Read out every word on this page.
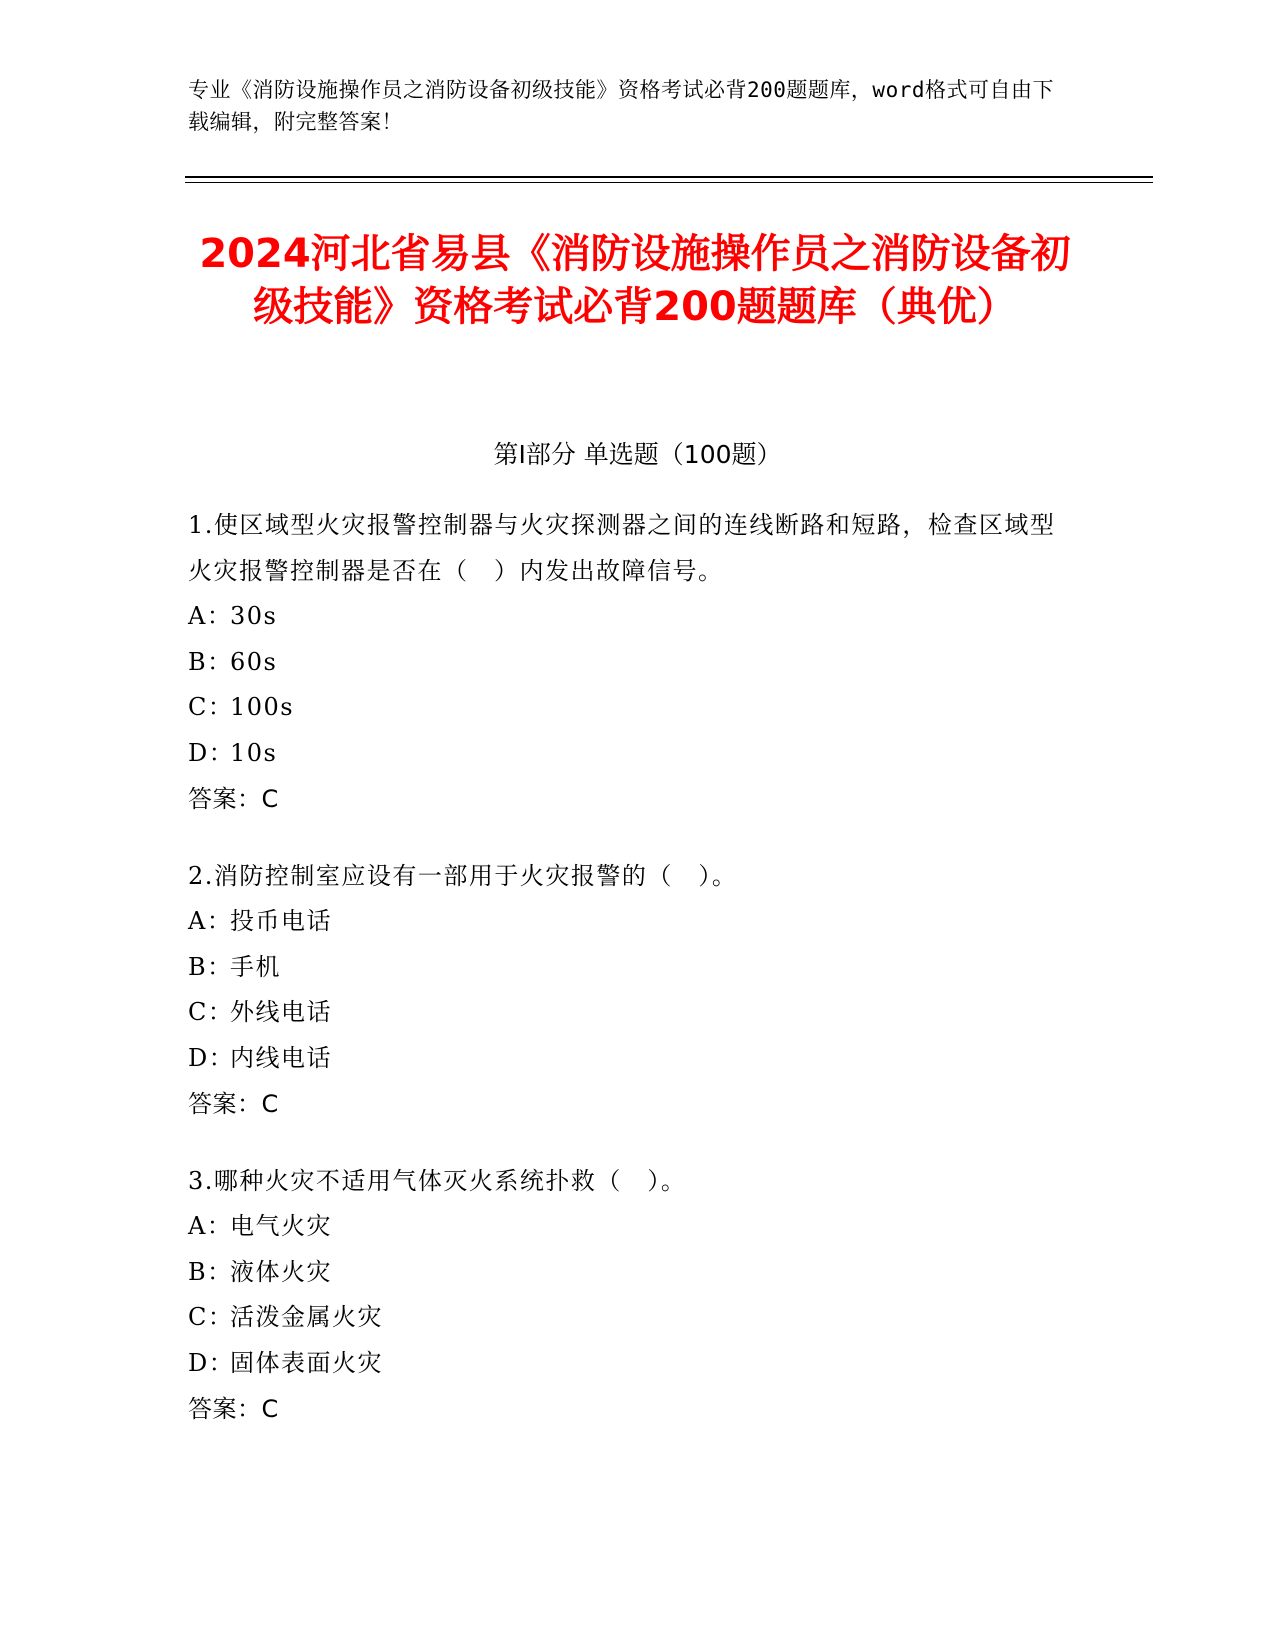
专业《消防设施操作员之消防设备初级技能》资格考试必背200题题库，word格式可自由下载编辑，附完整答案！
2024河北省易县《消防设施操作员之消防设备初级技能》资格考试必背200题题库（典优）
第Ⅰ部分 单选题（100题）
1.使区域型火灾报警控制器与火灾探测器之间的连线断路和短路，检查区域型火灾报警控制器是否在（　）内发出故障信号。
A：30s
B：60s
C：100s
D：10s
答案：C
2.消防控制室应设有一部用于火灾报警的（　）。
A：投币电话
B：手机
C：外线电话
D：内线电话
答案：C
3.哪种火灾不适用气体灭火系统扑救（　）。
A：电气火灾
B：液体火灾
C：活泼金属火灾
D：固体表面火灾
答案：C
